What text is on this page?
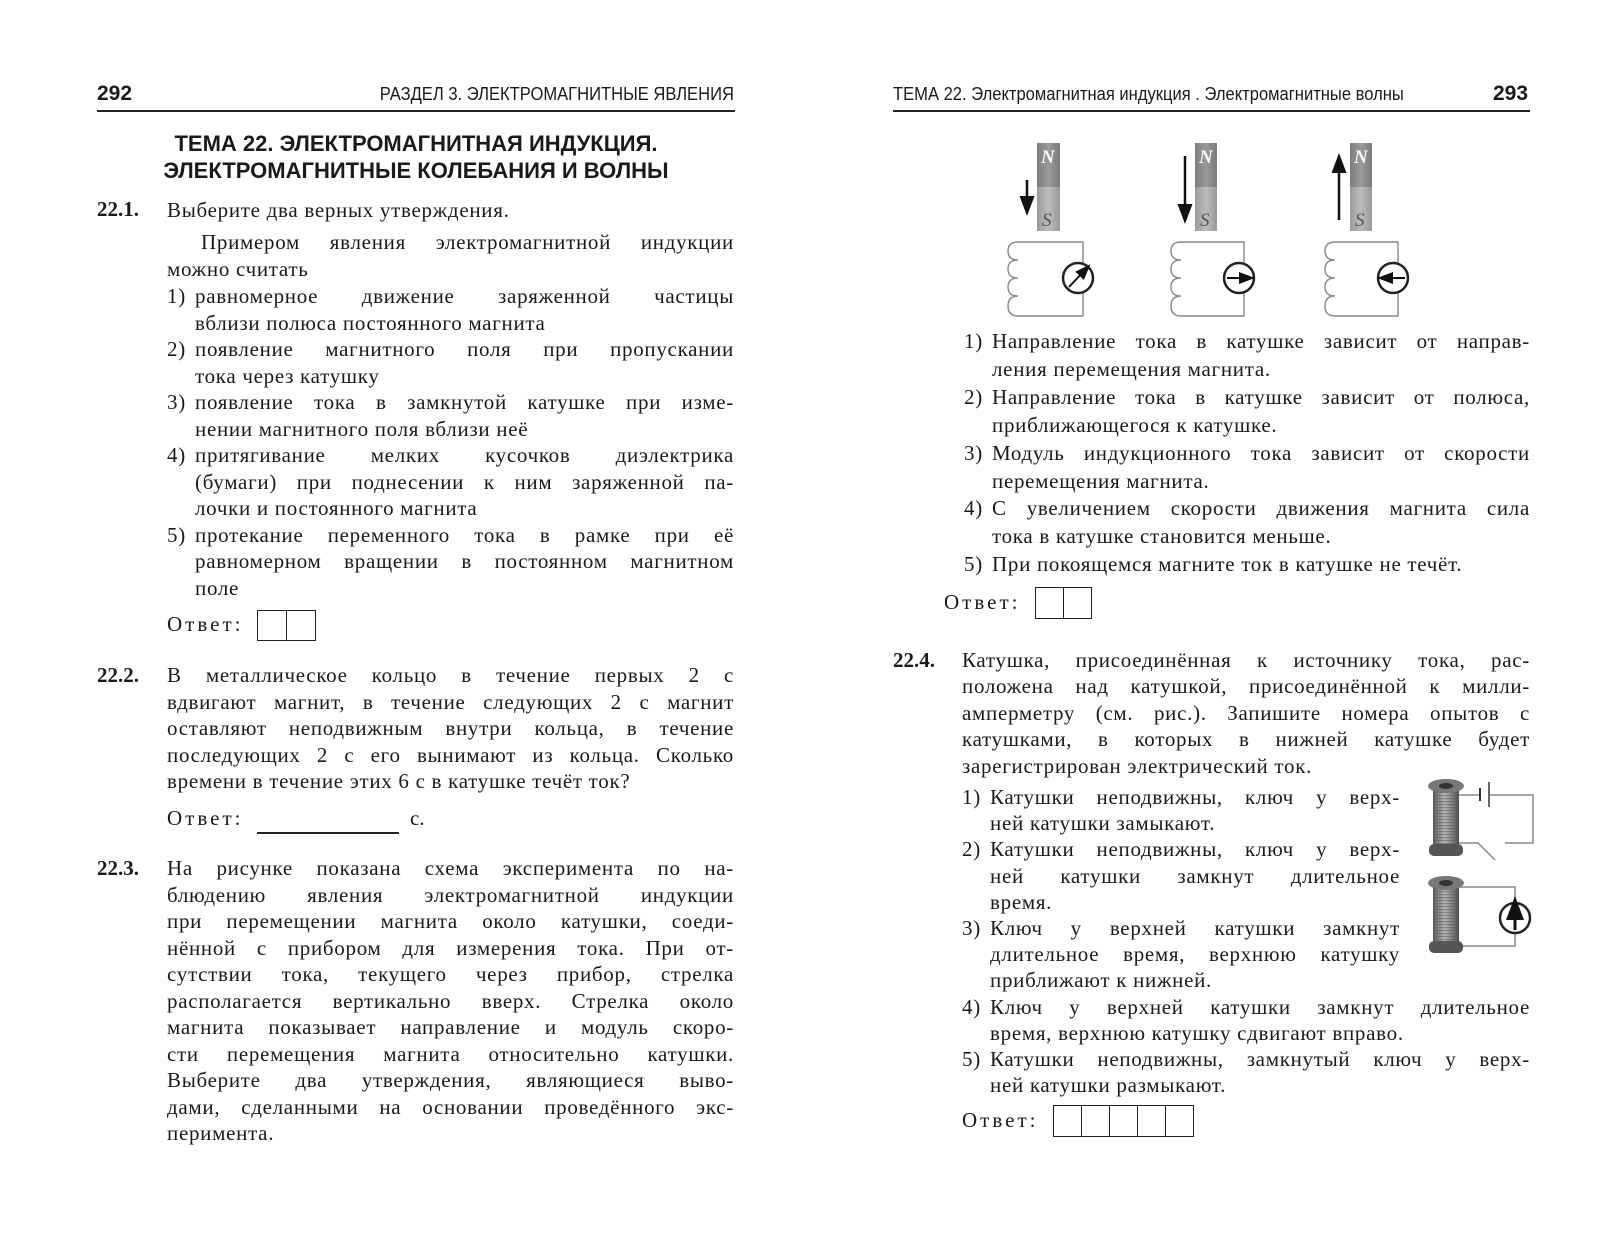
292	РАЗДЕЛ 3. ЭЛЕКТРОМАГНИТНЫЕ ЯВЛЕНИЯ
ТЕМА 22. ЭЛЕКТРОМАГНИТНАЯ ИНДУКЦИЯ.
ЭЛЕКТРОМАГНИТНЫЕ КОЛЕБАНИЯ И ВОЛНЫ
22.1. Выберите два верных утверждения.
Примером явления электромагнитной индукции
можно считать
1) равномерное движение заряженной частицы
вблизи полюса постоянного магнита
2) появление магнитного поля при пропускании
тока через катушку
3) появление тока в замкнутой катушке при изме-
нении магнитного поля вблизи неё
4) притягивание мелких кусочков диэлектрика
(бумаги) при поднесении к ним заряженной па-
лочки и постоянного магнита
5) протекание переменного тока в рамке при её
равномерном вращении в постоянном магнитном
поле
Ответ:
22.2. В металлическое кольцо в течение первых 2 с
вдвигают магнит, в течение следующих 2 с магнит
оставляют неподвижным внутри кольца, в течение
последующих 2 с его вынимают из кольца. Сколько
времени в течение этих 6 с в катушке течёт ток?
Ответ:	с.
22.3. На рисунке показана схема эксперимента по на-
блюдению явления электромагнитной индукции
при перемещении магнита около катушки, соеди-
нённой с прибором для измерения тока. При от-
сутствии тока, текущего через прибор, стрелка
располагается вертикально вверх. Стрелка около
магнита показывает направление и модуль скоро-
сти перемещения магнита относительно катушки.
Выберите два утверждения, являющиеся выво-
дами, сделанными на основании проведённого экс-
перимента.
ТЕМА 22. Электромагнитная индукция . Электромагнитные волны	293
N	N	N
S	S	S
1) Направление тока в катушке зависит от направ-
ления перемещения магнита.
2) Направление тока в катушке зависит от полюса,
приближающегося к катушке.
3) Модуль индукционного тока зависит от скорости
перемещения магнита.
4) С увеличением скорости движения магнита сила
тока в катушке становится меньше.
5) При покоящемся магните ток в катушке не течёт.
Ответ:
22.4. Катушка, присоединённая к источнику тока, рас-
положена над катушкой, присоединённой к милли-
амперметру (см. рис.). Запишите номера опытов с
катушками, в которых в нижней катушке будет
зарегистрирован электрический ток.
1) Катушки неподвижны, ключ у верх-
ней катушки замыкают.
2) Катушки неподвижны, ключ у верх-
ней катушки замкнут длительное
время.
3) Ключ у верхней катушки замкнут
длительное время, верхнюю катушку
приближают к нижней.
4) Ключ у верхней катушки замкнут длительное
время, верхнюю катушку сдвигают вправо.
5) Катушки неподвижны, замкнутый ключ у верх-
ней катушки размыкают.
Ответ:
